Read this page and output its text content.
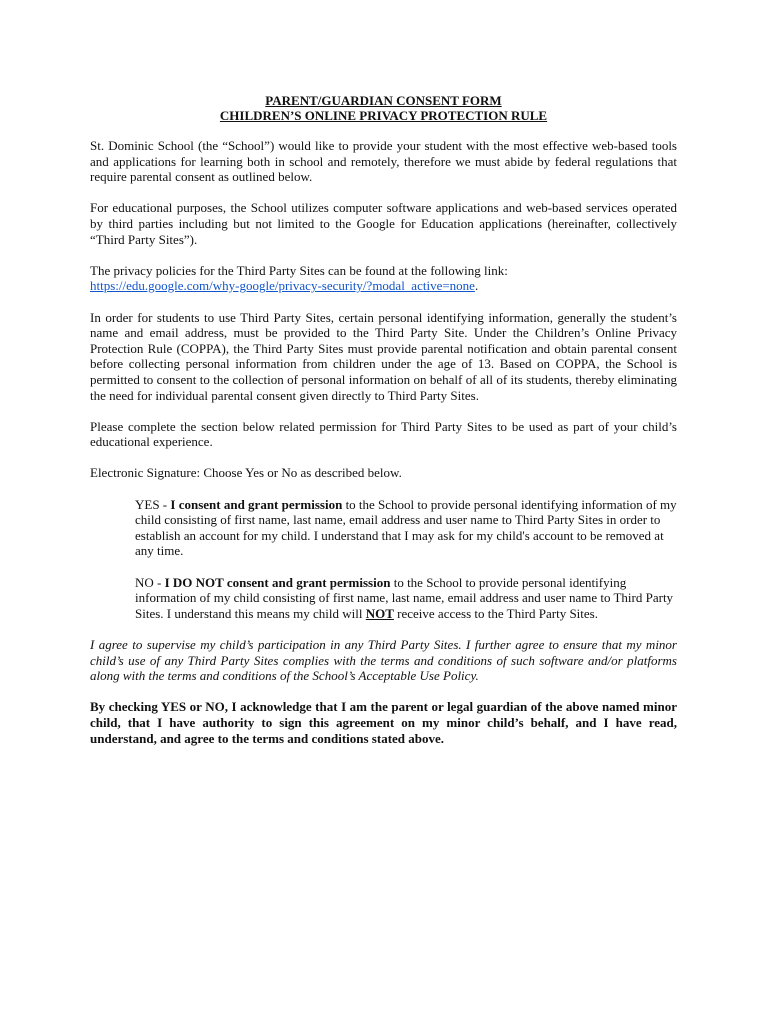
PARENT/GUARDIAN CONSENT FORM
CHILDREN’S ONLINE PRIVACY PROTECTION RULE

St. Dominic School (the “School”) would like to provide your student with the most effective web-based tools and applications for learning both in school and remotely, therefore we must abide by federal regulations that require parental consent as outlined below.

For educational purposes, the School utilizes computer software applications and web-based services operated by third parties including but not limited to the Google for Education applications (hereinafter, collectively “Third Party Sites”).

The privacy policies for the Third Party Sites can be found at the following link:
https://edu.google.com/why-google/privacy-security/?modal_active=none.

In order for students to use Third Party Sites, certain personal identifying information, generally the student’s name and email address, must be provided to the Third Party Site. Under the Children’s Online Privacy Protection Rule (COPPA), the Third Party Sites must provide parental notification and obtain parental consent before collecting personal information from children under the age of 13. Based on COPPA, the School is permitted to consent to the collection of personal information on behalf of all of its students, thereby eliminating the need for individual parental consent given directly to Third Party Sites.

Please complete the section below related permission for Third Party Sites to be used as part of your child’s educational experience.

Electronic Signature: Choose Yes or No as described below.

YES - I consent and grant permission to the School to provide personal identifying information of my child consisting of first name, last name, email address and user name to Third Party Sites in order to establish an account for my child. I understand that I may ask for my child's account to be removed at any time.

NO - I DO NOT consent and grant permission to the School to provide personal identifying information of my child consisting of first name, last name, email address and user name to Third Party Sites. I understand this means my child will NOT receive access to the Third Party Sites.

I agree to supervise my child’s participation in any Third Party Sites. I further agree to ensure that my minor child’s use of any Third Party Sites complies with the terms and conditions of such software and/or platforms along with the terms and conditions of the School’s Acceptable Use Policy.

By checking YES or NO, I acknowledge that I am the parent or legal guardian of the above named minor child, that I have authority to sign this agreement on my minor child’s behalf, and I have read, understand, and agree to the terms and conditions stated above.
